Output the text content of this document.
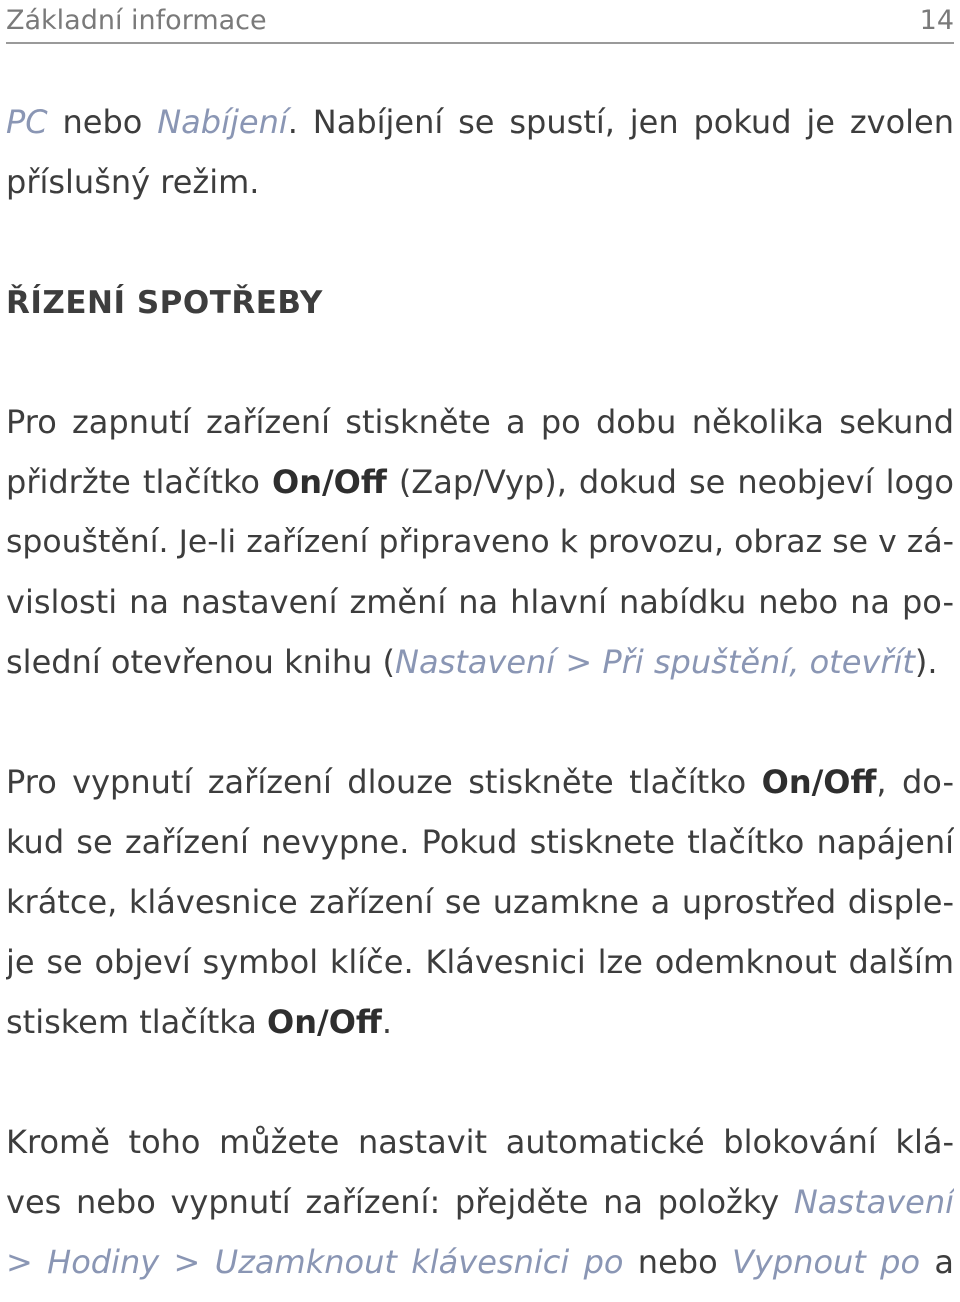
Základní informace	14
PC nebo Nabíjení. Nabíjení se spustí, jen pokud je zvolen
příslušný režim.
ŘÍZENÍ SPOTŘEBY
Pro zapnutí zařízení stiskněte a po dobu několika sekund
přidržte tlačítko On/Off (Zap/Vyp), dokud se neobjeví logo
spouštění. Je-li zařízení připraveno k provozu, obraz se v zá-
vislosti na nastavení změní na hlavní nabídku nebo na po-
slední otevřenou knihu (Nastavení > Při spuštění, otevřít).
Pro vypnutí zařízení dlouze stiskněte tlačítko On/Off, do-
kud se zařízení nevypne. Pokud stisknete tlačítko napájení
krátce, klávesnice zařízení se uzamkne a uprostřed disple-
je se objeví symbol klíče. Klávesnici lze odemknout dalším
stiskem tlačítka On/Off.
Kromě toho můžete nastavit automatické blokování klá-
ves nebo vypnutí zařízení: přejděte na položky Nastavení
> Hodiny > Uzamknout klávesnici po nebo Vypnout po a
